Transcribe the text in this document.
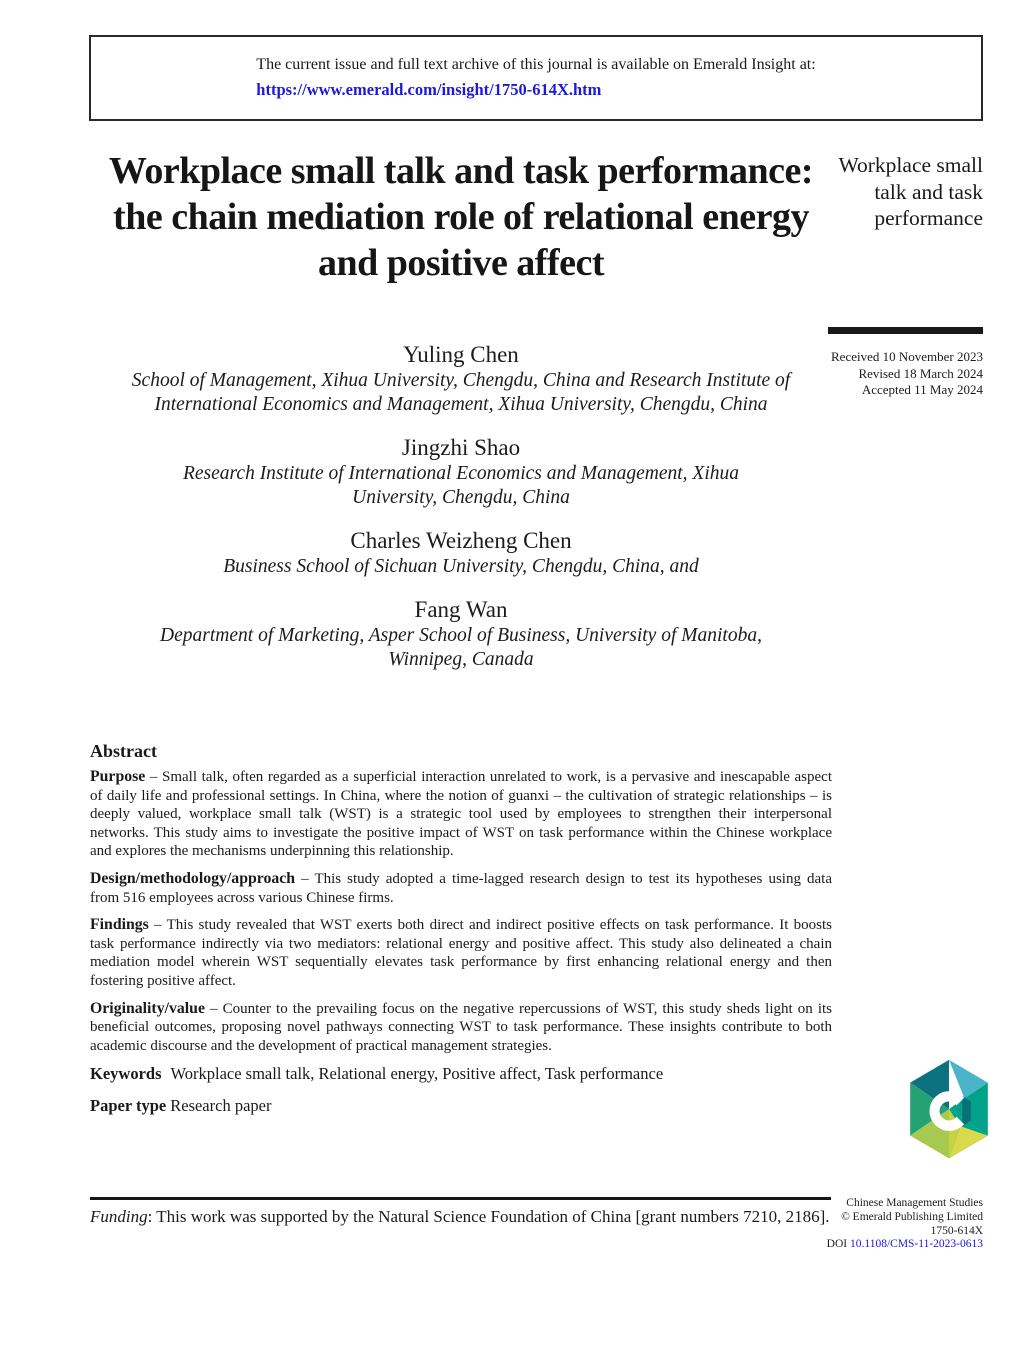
The current issue and full text archive of this journal is available on Emerald Insight at:
https://www.emerald.com/insight/1750-614X.htm
Workplace small talk and task performance: the chain mediation role of relational energy and positive affect
Yuling Chen
School of Management, Xihua University, Chengdu, China and Research Institute of International Economics and Management, Xihua University, Chengdu, China
Jingzhi Shao
Research Institute of International Economics and Management, Xihua University, Chengdu, China
Charles Weizheng Chen
Business School of Sichuan University, Chengdu, China, and
Fang Wan
Department of Marketing, Asper School of Business, University of Manitoba, Winnipeg, Canada
Workplace small talk and task performance
Received 10 November 2023
Revised 18 March 2024
Accepted 11 May 2024
Abstract

Purpose – Small talk, often regarded as a superficial interaction unrelated to work, is a pervasive and inescapable aspect of daily life and professional settings. In China, where the notion of guanxi – the cultivation of strategic relationships – is deeply valued, workplace small talk (WST) is a strategic tool used by employees to strengthen their interpersonal networks. This study aims to investigate the positive impact of WST on task performance within the Chinese workplace and explores the mechanisms underpinning this relationship.

Design/methodology/approach – This study adopted a time-lagged research design to test its hypotheses using data from 516 employees across various Chinese firms.

Findings – This study revealed that WST exerts both direct and indirect positive effects on task performance. It boosts task performance indirectly via two mediators: relational energy and positive affect. This study also delineated a chain mediation model wherein WST sequentially elevates task performance by first enhancing relational energy and then fostering positive affect.

Originality/value – Counter to the prevailing focus on the negative repercussions of WST, this study sheds light on its beneficial outcomes, proposing novel pathways connecting WST to task performance. These insights contribute to both academic discourse and the development of practical management strategies.

Keywords Workplace small talk, Relational energy, Positive affect, Task performance

Paper type Research paper

Funding: This work was supported by the Natural Science Foundation of China [grant numbers 7210, 2186].

Chinese Management Studies
© Emerald Publishing Limited
1750-614X
DOI 10.1108/CMS-11-2023-0613
